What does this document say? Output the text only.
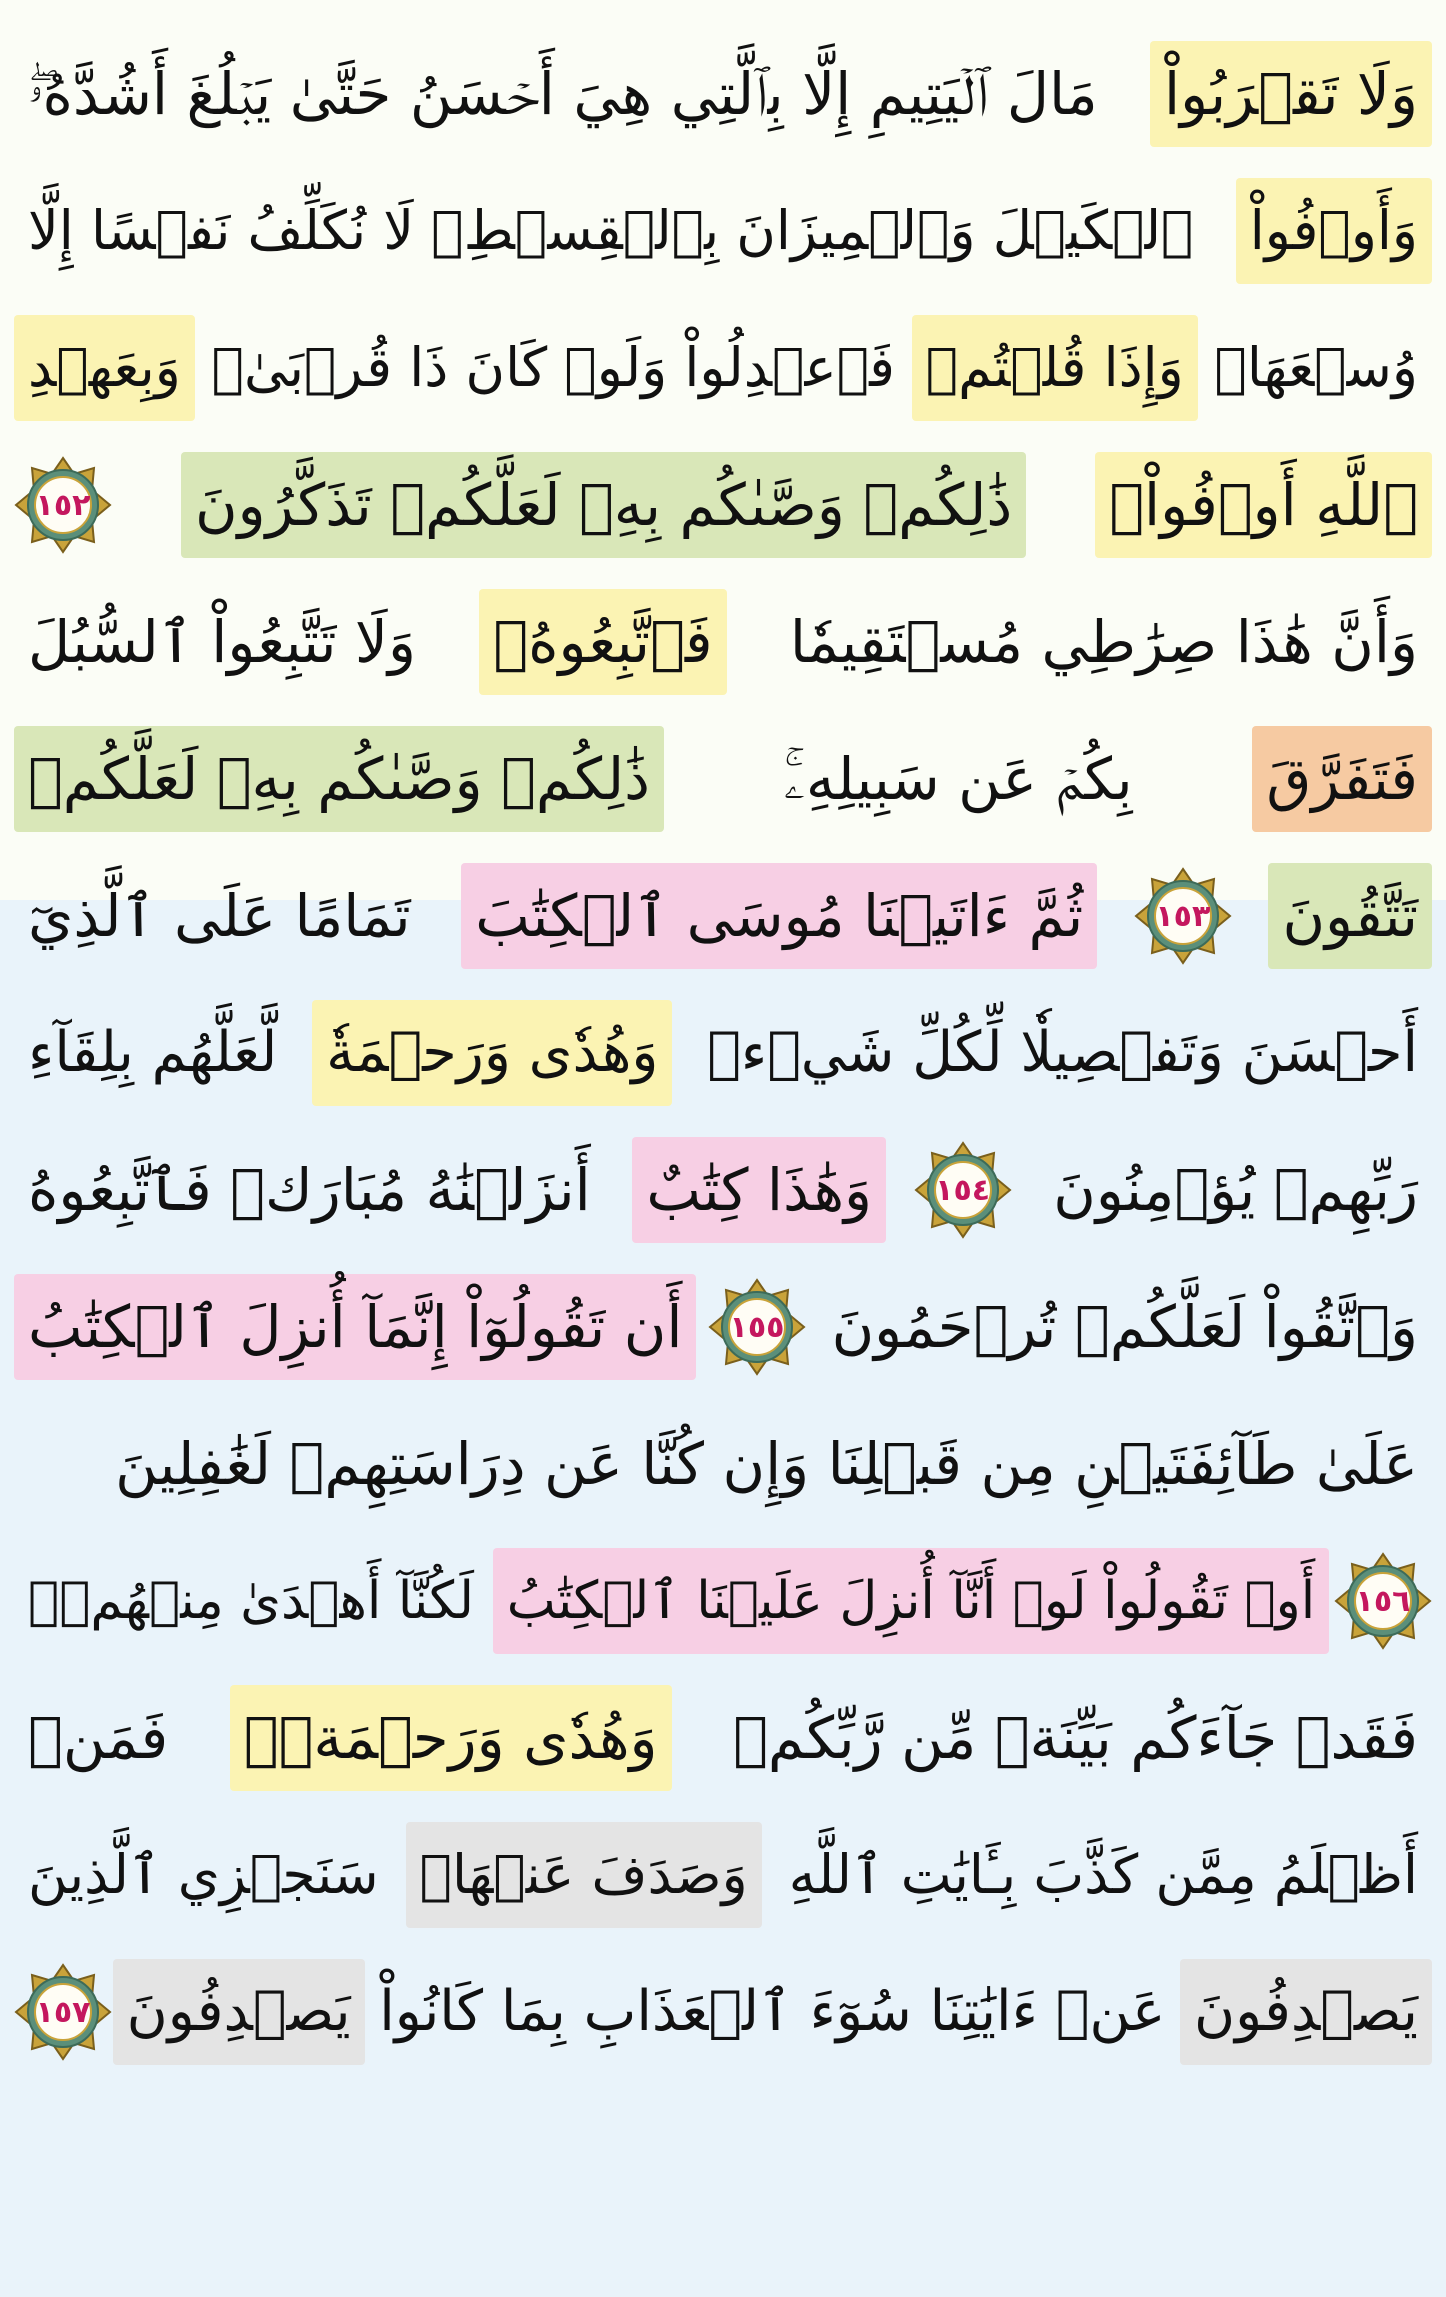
وَلَا تَقۡرَبُواْ
مَالَ ٱلۡيَتِيمِ إِلَّا بِٱلَّتِي هِيَ أَحۡسَنُ حَتَّىٰ يَبۡلُغَ أَشُدَّهُۥۖ
وَأَوۡفُواْ
ٱلۡكَيۡلَ وَٱلۡمِيزَانَ بِٱلۡقِسۡطِۖ لَا نُكَلِّفُ نَفۡسًا إِلَّا
وُسۡعَهَاۖ
وَإِذَا قُلۡتُمۡ
فَٱعۡدِلُواْ وَلَوۡ كَانَ ذَا قُرۡبَىٰۖ
وَبِعَهۡدِ
ٱللَّهِ أَوۡفُواْۚ
ذَٰلِكُمۡ وَصَّىٰكُم بِهِۦ لَعَلَّكُمۡ تَذَكَّرُونَ
١٥٢
وَأَنَّ هَٰذَا صِرَٰطِي مُسۡتَقِيمٗا
فَٱتَّبِعُوهُۖ
وَلَا تَتَّبِعُواْ ٱلسُّبُلَ
فَتَفَرَّقَ
بِكُمۡ عَن سَبِيلِهِۦۚ
ذَٰلِكُمۡ وَصَّىٰكُم بِهِۦ لَعَلَّكُمۡ
تَتَّقُونَ
١٥٣
ثُمَّ ءَاتَيۡنَا مُوسَى ٱلۡكِتَٰبَ
تَمَامًا عَلَى ٱلَّذِيٓ
أَحۡسَنَ وَتَفۡصِيلٗا لِّكُلِّ شَيۡءٖ
وَهُدٗى وَرَحۡمَةٗ
لَّعَلَّهُم بِلِقَآءِ
رَبِّهِمۡ يُؤۡمِنُونَ
١٥٤
وَهَٰذَا كِتَٰبٌ
أَنزَلۡنَٰهُ مُبَارَكٞ فَٱتَّبِعُوهُ
وَٱتَّقُواْ لَعَلَّكُمۡ تُرۡحَمُونَ
١٥٥
أَن تَقُولُوٓاْ إِنَّمَآ أُنزِلَ ٱلۡكِتَٰبُ
عَلَىٰ طَآئِفَتَيۡنِ مِن قَبۡلِنَا وَإِن كُنَّا عَن دِرَاسَتِهِمۡ لَغَٰفِلِينَ
١٥٦
أَوۡ تَقُولُواْ لَوۡ أَنَّآ أُنزِلَ عَلَيۡنَا ٱلۡكِتَٰبُ
لَكُنَّآ أَهۡدَىٰ مِنۡهُمۡۚ
فَقَدۡ جَآءَكُم بَيِّنَةٞ مِّن رَّبِّكُمۡ
وَهُدٗى وَرَحۡمَةٞۚ
فَمَنۡ
أَظۡلَمُ مِمَّن كَذَّبَ بِـَٔايَٰتِ ٱللَّهِ
وَصَدَفَ عَنۡهَاۗ
سَنَجۡزِي ٱلَّذِينَ
يَصۡدِفُونَ
عَنۡ ءَايَٰتِنَا سُوٓءَ ٱلۡعَذَابِ بِمَا كَانُواْ
يَصۡدِفُونَ
١٥٧
